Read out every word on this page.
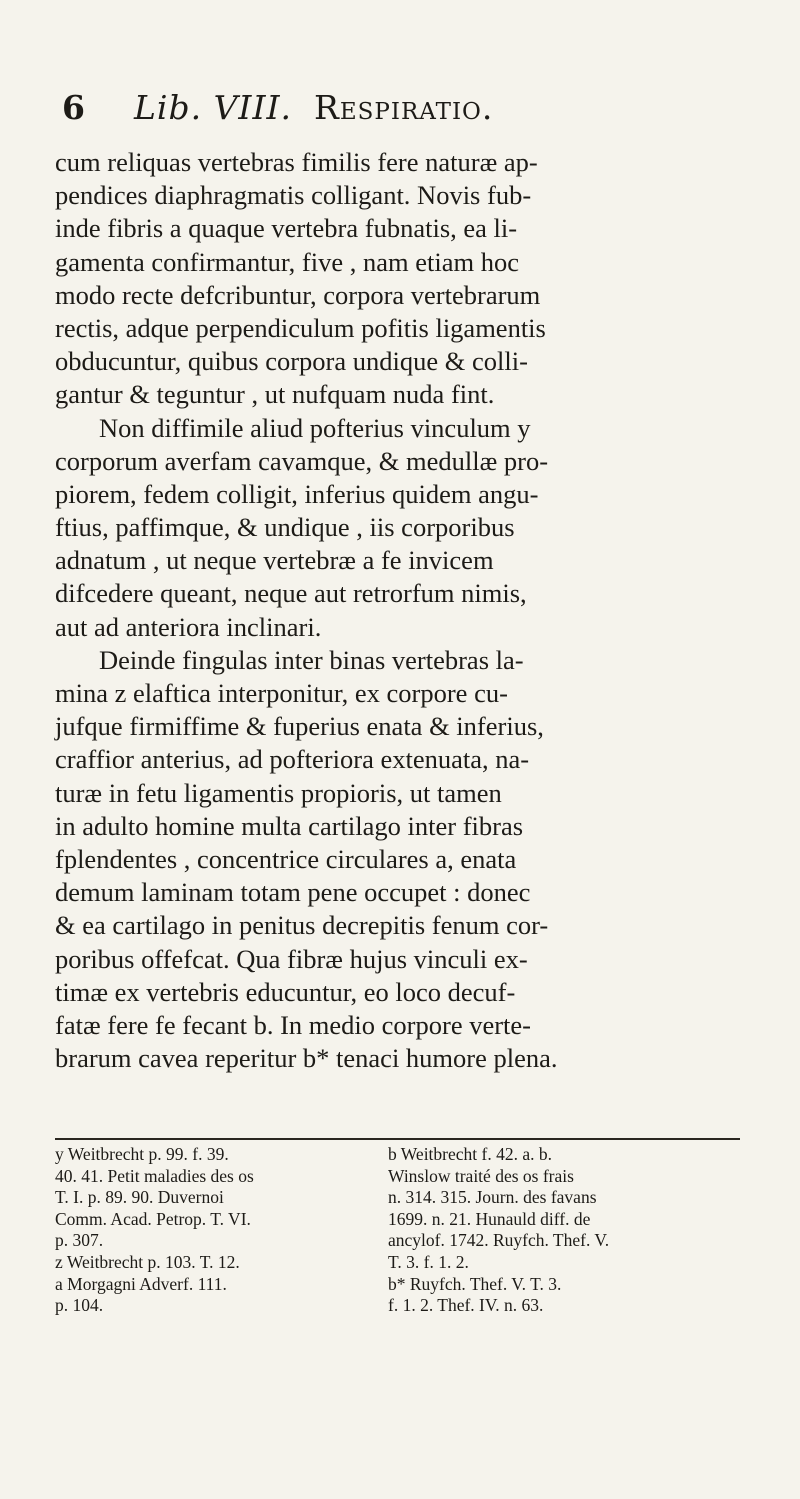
6 Lib. VIII. Respiratio.
cum reliquas vertebras fimilis fere naturæ ap-
pendices diaphragmatis colligant. Novis fub-
inde fibris a quaque vertebra fubnatis, ea li-
gamenta confirmantur, five , nam etiam hoc
modo recte defcribuntur, corpora vertebrarum
rectis, adque perpendiculum pofitis ligamentis
obducuntur, quibus corpora undique & colli-
gantur & teguntur , ut nufquam nuda fint.
Non diffimile aliud pofterius vinculum y
corporum averfam cavamque, & medullæ pro-
piorem, fedem colligit, inferius quidem angu-
ftius, paffimque, & undique , iis corporibus
adnatum , ut neque vertebræ a fe invicem
difcedere queant, neque aut retrorfum nimis,
aut ad anteriora inclinari.
Deinde fingulas inter binas vertebras la-
mina z elaftica interponitur, ex corpore cu-
jufque firmiffime & fuperius enata & inferius,
craffior anterius, ad pofteriora extenuata, na-
turæ in fetu ligamentis propioris, ut tamen
in adulto homine multa cartilago inter fibras
fplendentes , concentrice circulares a, enata
demum laminam totam pene occupet : donec
& ea cartilago in penitus decrepitis fenum cor-
poribus offefcat. Qua fibræ hujus vinculi ex-
timæ ex vertebris educuntur, eo loco decuf-
fatæ fere fe fecant b. In medio corpore verte-
brarum cavea reperitur b* tenaci humore plena.
y Weitbrecht p. 99. f. 39.
40. 41. Petit maladies des os
T. I. p. 89. 90. Duvernoi
Comm. Acad. Petrop. T. VI.
p. 307.
z Weitbrecht p. 103. T. 12.
a Morgagni Adverf. 111.
p. 104.
b Weitbrecht f. 42. a. b.
Winslow traité des os frais
n. 314. 315. Journ. des favans
1699. n. 21. Hunauld diff. de
ancylof. 1742. Ruyfch. Thef. V.
T. 3. f. 1. 2.
b* Ruyfch. Thef. V. T. 3.
f. 1. 2. Thef. IV. n. 63.
